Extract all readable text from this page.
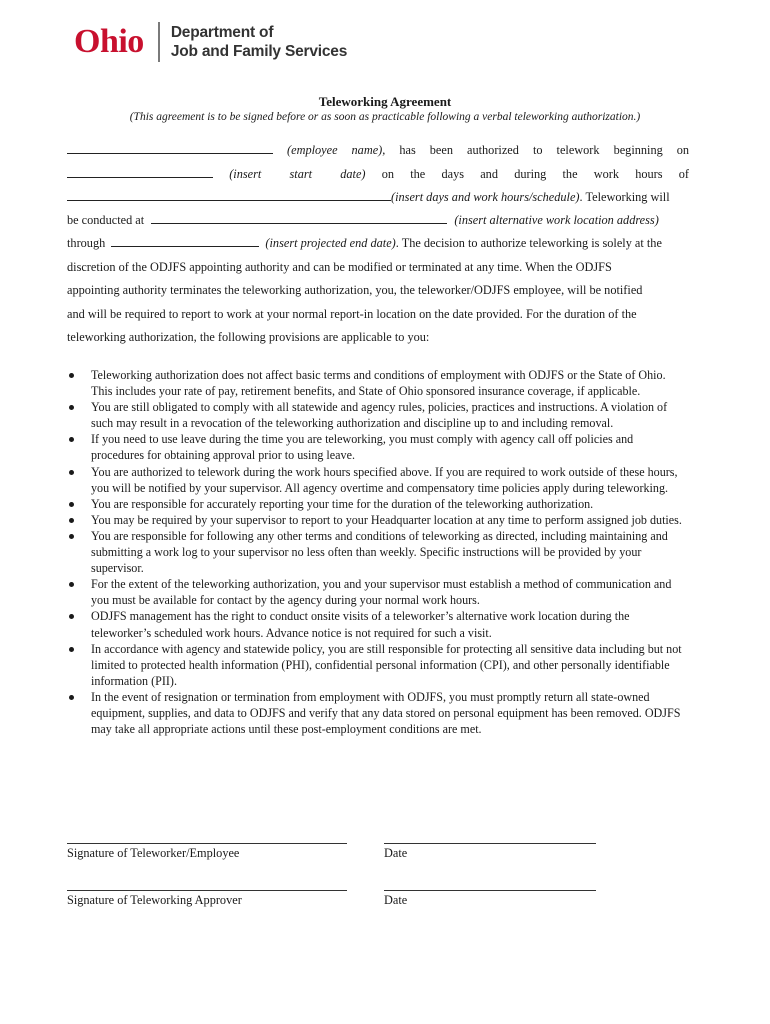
Ohio Department of
Job and Family Services
Teleworking Agreement
(This agreement is to be signed before or as soon as practicable following a verbal teleworking authorization.)
(employee name), has been authorized to telework beginning on
(insert start date) on the days and during the work hours of
(insert days and work hours/schedule). Teleworking will
be conducted at	(insert alternative work location address)
through	(insert projected end date). The decision to authorize teleworking is solely at the
discretion of the ODJFS appointing authority and can be modified or terminated at any time. When the ODJFS
appointing authority terminates the teleworking authorization, you, the teleworker/ODJFS employee, will be notified
and will be required to report to work at your normal report-in location on the date provided. For the duration of the
teleworking authorization, the following provisions are applicable to you:
Teleworking authorization does not affect basic terms and conditions of employment with ODJFS or the State of Ohio. This includes your rate of pay, retirement benefits, and State of Ohio sponsored insurance coverage, if applicable.
You are still obligated to comply with all statewide and agency rules, policies, practices and instructions. A violation of such may result in a revocation of the teleworking authorization and discipline up to and including removal.
If you need to use leave during the time you are teleworking, you must comply with agency call off policies and procedures for obtaining approval prior to using leave.
You are authorized to telework during the work hours specified above. If you are required to work outside of these hours, you will be notified by your supervisor. All agency overtime and compensatory time policies apply during teleworking.
You are responsible for accurately reporting your time for the duration of the teleworking authorization.
You may be required by your supervisor to report to your Headquarter location at any time to perform assigned job duties.
You are responsible for following any other terms and conditions of teleworking as directed, including maintaining and submitting a work log to your supervisor no less often than weekly. Specific instructions will be provided by your supervisor.
For the extent of the teleworking authorization, you and your supervisor must establish a method of communication and you must be available for contact by the agency during your normal work hours.
ODJFS management has the right to conduct onsite visits of a teleworker’s alternative work location during the teleworker’s scheduled work hours. Advance notice is not required for such a visit.
In accordance with agency and statewide policy, you are still responsible for protecting all sensitive data including but not limited to protected health information (PHI), confidential personal information (CPI), and other personally identifiable information (PII).
In the event of resignation or termination from employment with ODJFS, you must promptly return all state-owned equipment, supplies, and data to ODJFS and verify that any data stored on personal equipment has been removed. ODJFS may take all appropriate actions until these post-employment conditions are met.
Signature of Teleworker/Employee	Date
Signature of Teleworking Approver	Date
